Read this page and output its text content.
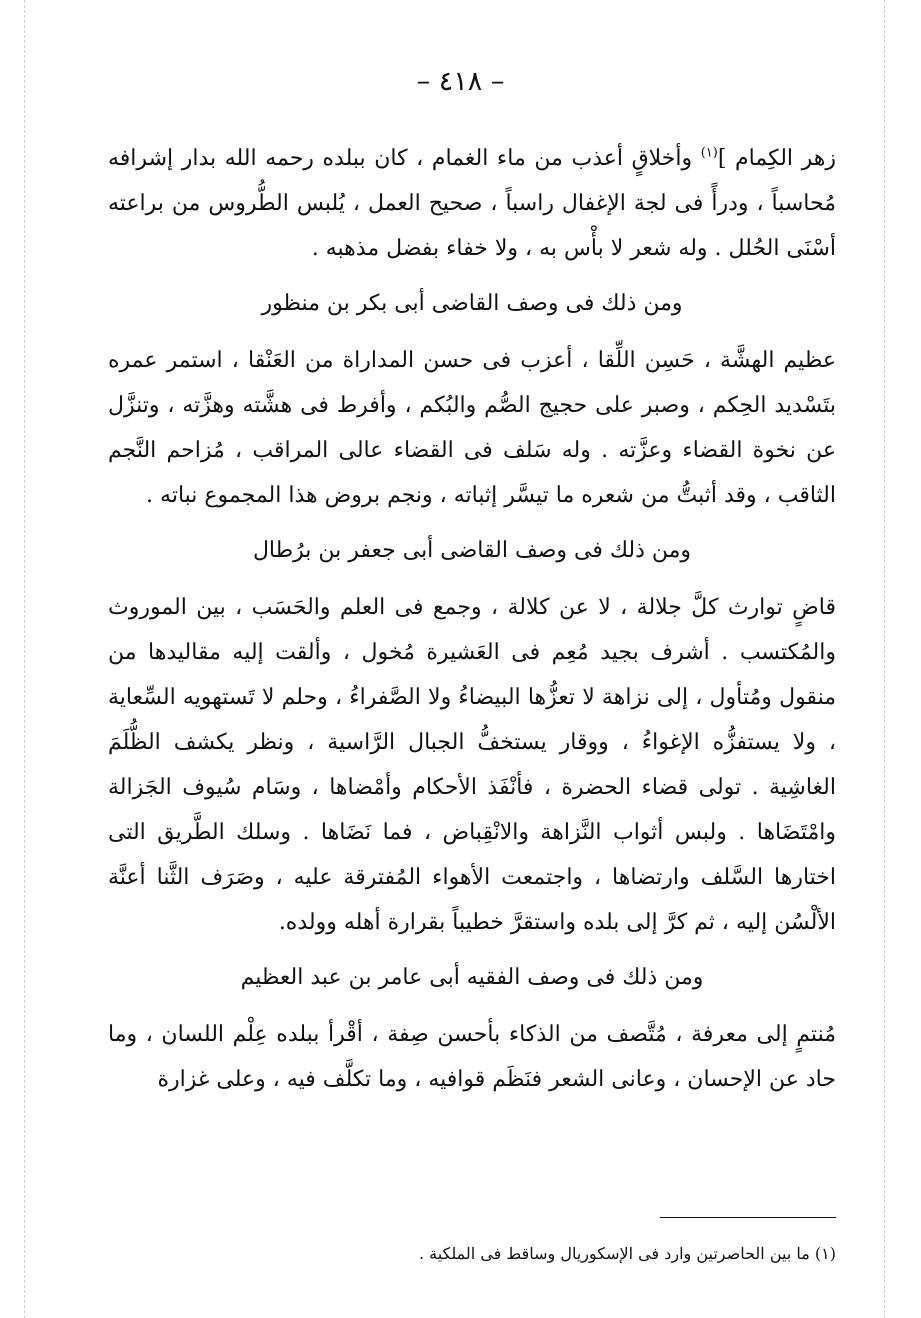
– ٤١٨ –

زهر الكِمام ]$^{(١)}$ وأخلاقٍ أعذب من ماء الغمام ، كان ببلده رحمه الله بدار إشرافه مُحاسباً ، ودرأً فى لجة الإغفال راسباً ، صحيح العمل ، يُلبس الطُّروس من براعته أسْنَى الحُلل . وله شعر لا بأْس به ، ولا خفاء بفضل مذهبه .

ومن ذلك فى وصف القاضى أبى بكر بن منظور

عظيم الهشَّة ، حَسِن اللِّقا ، أعزب فى حسن المداراة من العَنْقا ، استمر عمره بتَسْديد الحِكم ، وصبر على حجيج الصُّم والبُكم ، وأفرط فى هشَّته وهزَّته ، وتنزَّل عن نخوة القضاء وعزَّته . وله سَلف فى القضاء عالى المراقب ، مُزاحم النَّجم الثاقب ، وقد أثبتُّ من شعره ما تيسَّر إثباته ، ونجم بروض هذا المجموع نباته .

ومن ذلك فى وصف القاضى أبى جعفر بن برُطال

قاضٍ توارث كلَّ جلالة ، لا عن كلالة ، وجمع فى العلم والحَسَب ، بين الموروث والمُكتسب . أشرف بجيد مُعِم فى العَشيرة مُخول ، وألقت إليه مقاليدها من منقول ومُتأول ، إلى نزاهة لا تعزُّها البيضاءُ ولا الصَّفراءُ ، وحلم لا تَستهويه السِّعاية ، ولا يستفزُّه الإغواءُ ، ووقار يستخفُّ الجبال الرَّاسية ، ونظر يكشف الظُّلَمَ الغاشِية . تولى قضاء الحضرة ، فأنْفَذ الأحكام وأمْضاها ، وسَام سُيوف الجَزالة وامْتَضَاها . ولبس أثواب النَّزاهة والانْقِباض ، فما نَضَاها . وسلك الطَّريق التى اختارها السَّلف وارتضاها ، واجتمعت الأهواء المُفترقة عليه ، وصَرَف الثَّنا أعنَّة الألْسُن إليه ، ثم كرَّ إلى بلده واستقرَّ خطيباً بقرارة أهله وولده.

ومن ذلك فى وصف الفقيه أبى عامر بن عبد العظيم

مُنتمٍ إلى معرفة ، مُتَّصف من الذكاء بأحسن صِفة ، أقْرأ ببلده عِلْم اللسان ، وما حاد عن الإحسان ، وعانى الشعر فنَظَم قوافيه ، وما تكلَّف فيه ، وعلى غزارة

(١) ما بين الحاصرتين وارد فى الإسكوريال وساقط فى الملكية .
